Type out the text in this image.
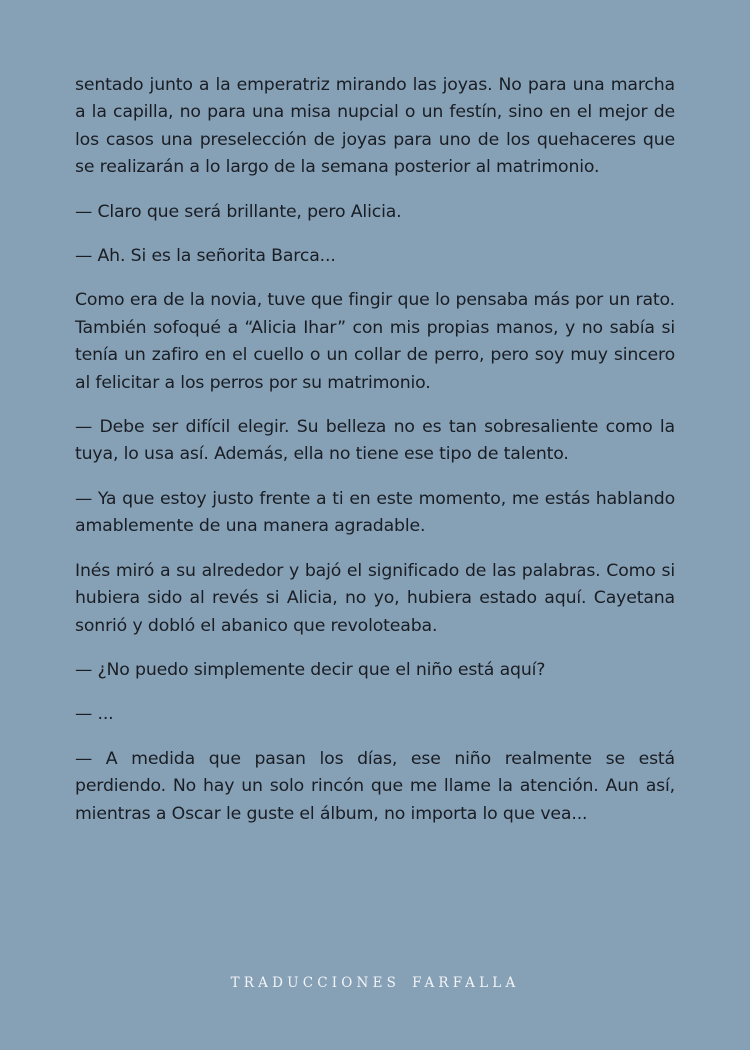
sentado junto a la emperatriz mirando las joyas. No para una marcha a la capilla, no para una misa nupcial o un festín, sino en el mejor de los casos una preselección de joyas para uno de los quehaceres que se realizarán a lo largo de la semana posterior al matrimonio.

— Claro que será brillante, pero Alicia.

— Ah. Si es la señorita Barca...

Como era de la novia, tuve que fingir que lo pensaba más por un rato. También sofoqué a “Alicia Ihar” con mis propias manos, y no sabía si tenía un zafiro en el cuello o un collar de perro, pero soy muy sincero al felicitar a los perros por su matrimonio.

— Debe ser difícil elegir. Su belleza no es tan sobresaliente como la tuya, lo usa así. Además, ella no tiene ese tipo de talento.

— Ya que estoy justo frente a ti en este momento, me estás hablando amablemente de una manera agradable.

Inés miró a su alrededor y bajó el significado de las palabras. Como si hubiera sido al revés si Alicia, no yo, hubiera estado aquí. Cayetana sonrió y dobló el abanico que revoloteaba.

— ¿No puedo simplemente decir que el niño está aquí?

— ...

— A medida que pasan los días, ese niño realmente se está perdiendo. No hay un solo rincón que me llame la atención. Aun así, mientras a Oscar le guste el álbum, no importa lo que vea...

TRADUCCIONES FARFALLA
